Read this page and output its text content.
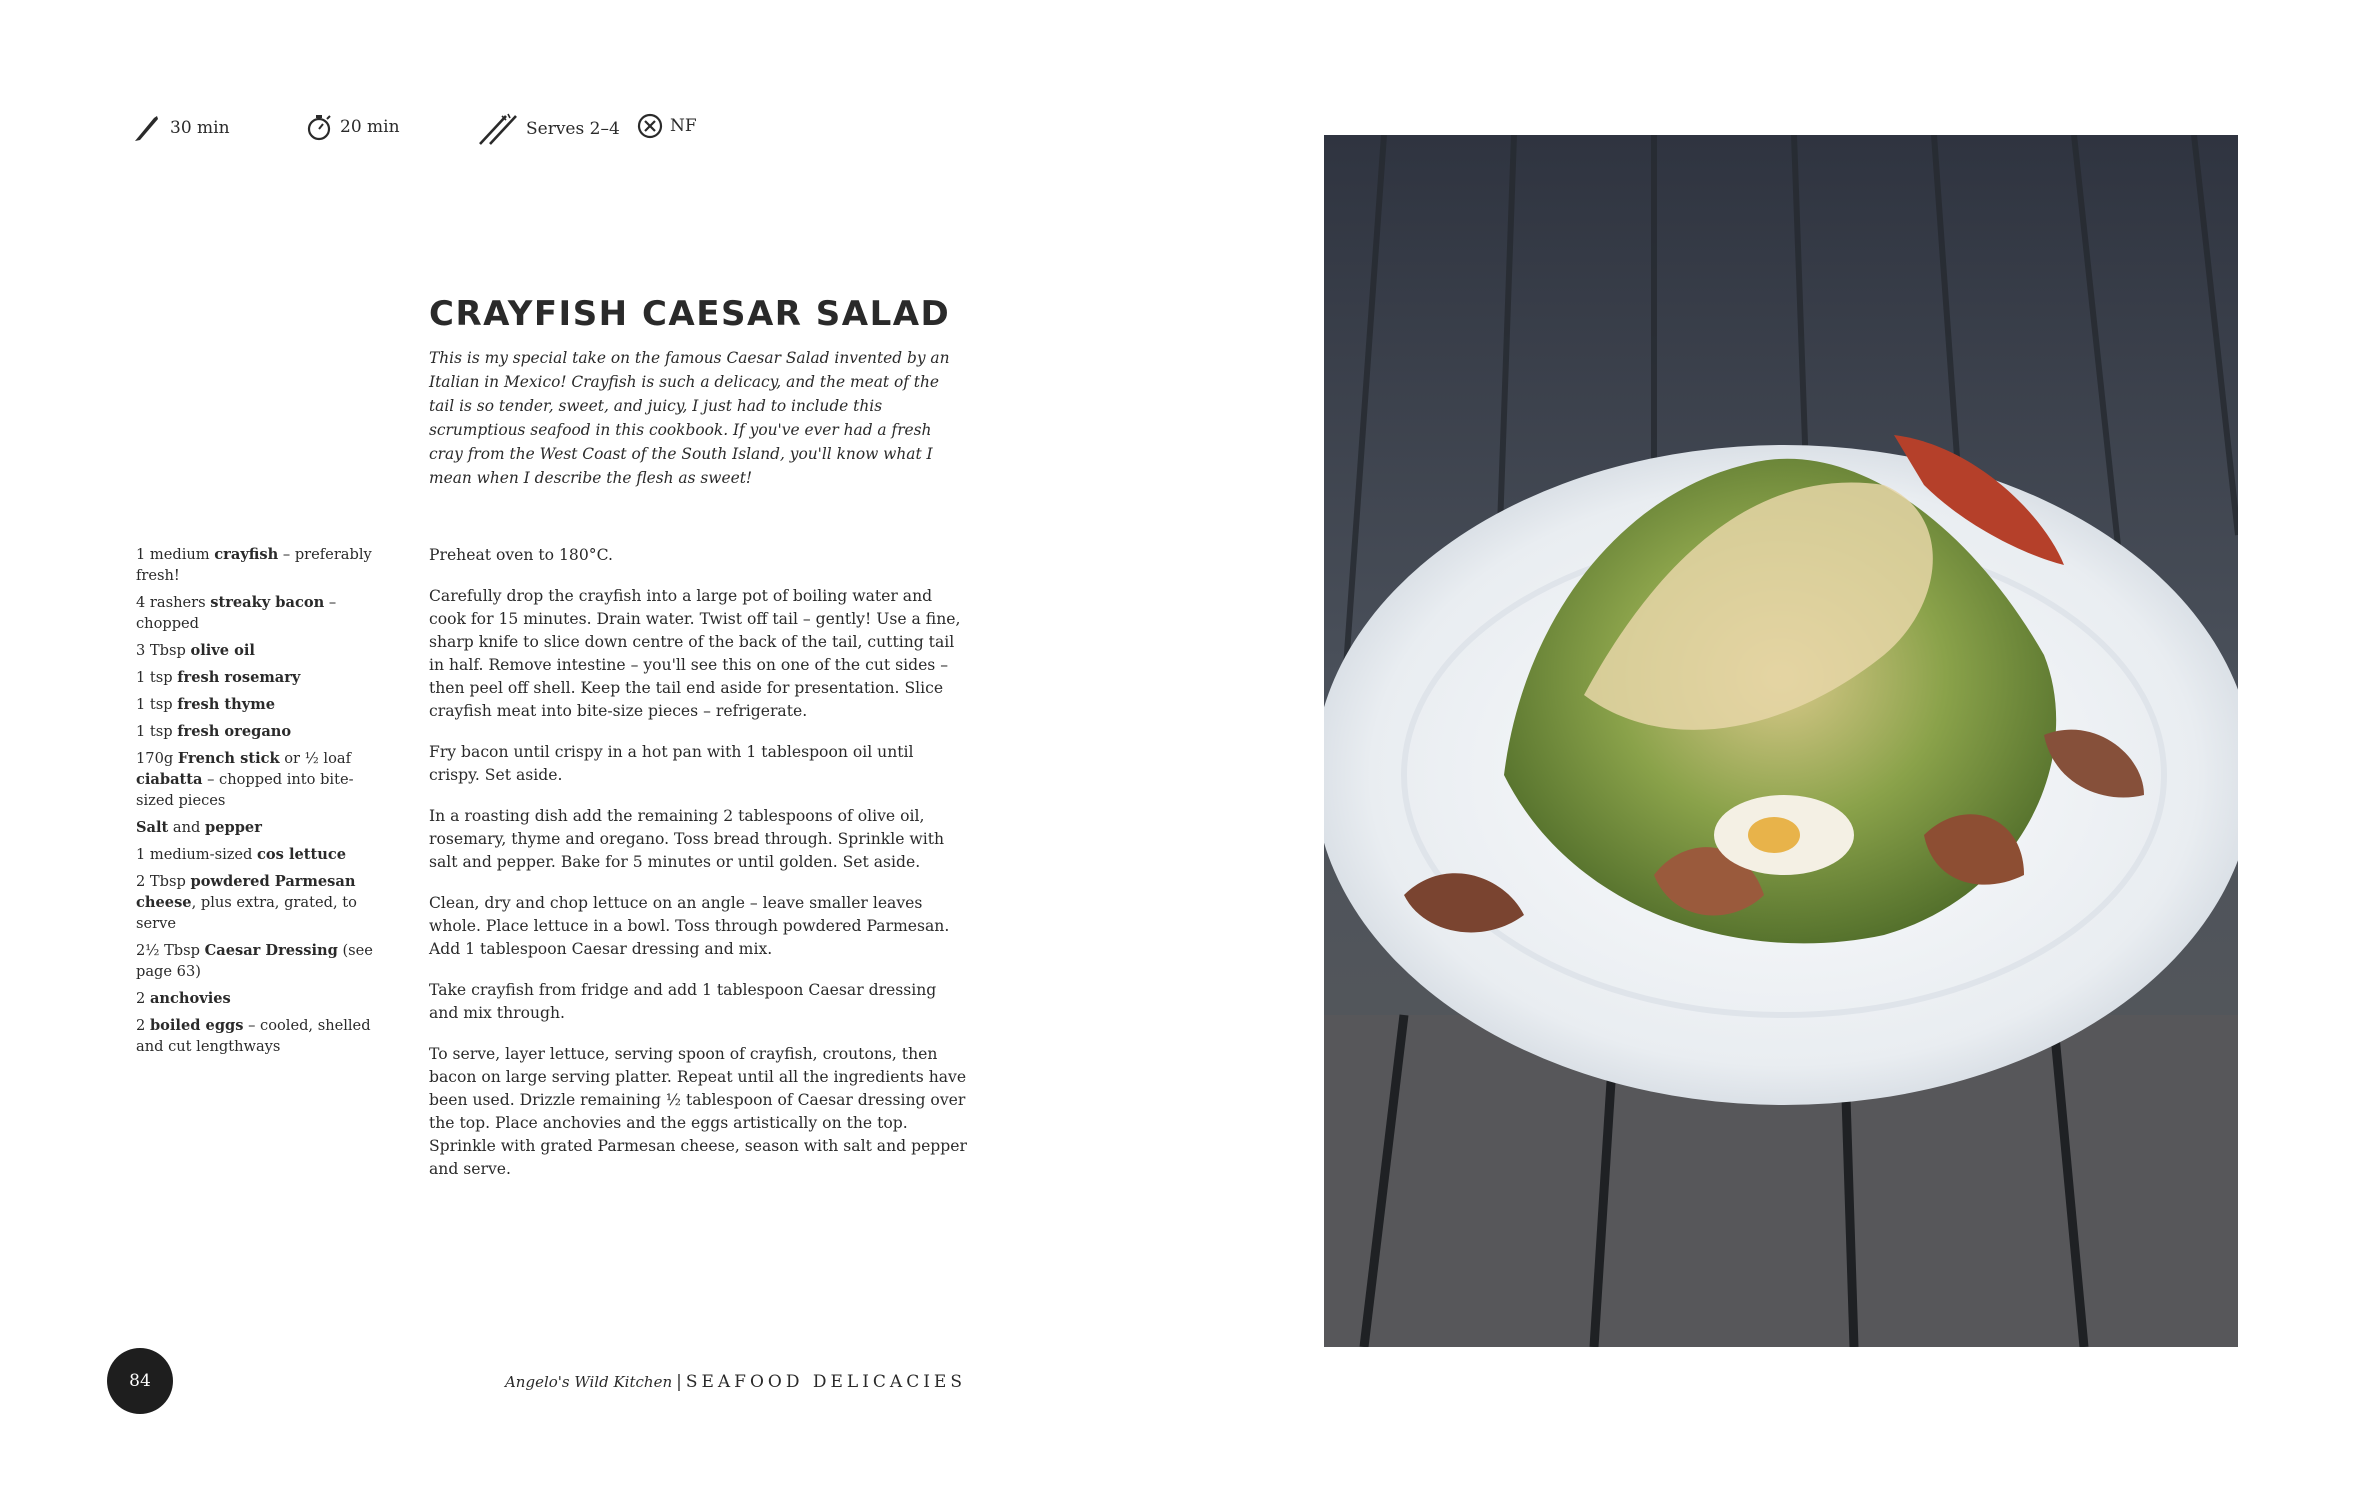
30 min	20 min	Serves 2–4	NF
CRAYFISH CAESAR SALAD

This is my special take on the famous Caesar Salad invented by an Italian in Mexico! Crayfish is such a delicacy, and the meat of the tail is so tender, sweet, and juicy, I just had to include this scrumptious seafood in this cookbook. If you've ever had a fresh cray from the West Coast of the South Island, you'll know what I mean when I describe the flesh as sweet!

1 medium crayfish – preferably fresh!
4 rashers streaky bacon – chopped
3 Tbsp olive oil
1 tsp fresh rosemary
1 tsp fresh thyme
1 tsp fresh oregano
170g French stick or ½ loaf ciabatta – chopped into bite-sized pieces
Salt and pepper
1 medium-sized cos lettuce
2 Tbsp powdered Parmesan cheese, plus extra, grated, to serve
2½ Tbsp Caesar Dressing (see page 63)
2 anchovies
2 boiled eggs – cooled, shelled and cut lengthways

Preheat oven to 180°C.

Carefully drop the crayfish into a large pot of boiling water and cook for 15 minutes. Drain water. Twist off tail – gently! Use a fine, sharp knife to slice down centre of the back of the tail, cutting tail in half. Remove intestine – you'll see this on one of the cut sides – then peel off shell. Keep the tail end aside for presentation. Slice crayfish meat into bite-size pieces – refrigerate.

Fry bacon until crispy in a hot pan with 1 tablespoon oil until crispy. Set aside.

In a roasting dish add the remaining 2 tablespoons of olive oil, rosemary, thyme and oregano. Toss bread through. Sprinkle with salt and pepper. Bake for 5 minutes or until golden. Set aside.

Clean, dry and chop lettuce on an angle – leave smaller leaves whole. Place lettuce in a bowl. Toss through powdered Parmesan. Add 1 tablespoon Caesar dressing and mix.

Take crayfish from fridge and add 1 tablespoon Caesar dressing and mix through.

To serve, layer lettuce, serving spoon of crayfish, croutons, then bacon on large serving platter. Repeat until all the ingredients have been used. Drizzle remaining ½ tablespoon of Caesar dressing over the top. Place anchovies and the eggs artistically on the top. Sprinkle with grated Parmesan cheese, season with salt and pepper and serve.

84	Angelo's Wild Kitchen | SEAFOOD DELICACIES
